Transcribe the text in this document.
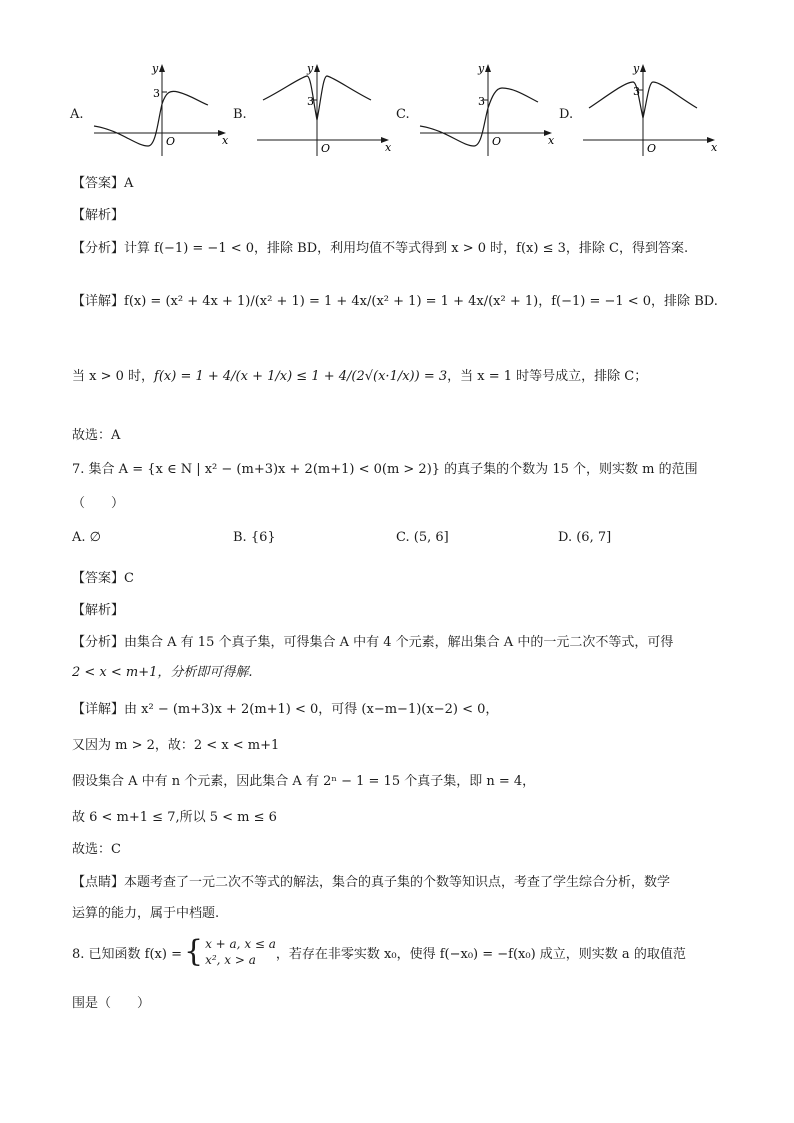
A.	B.	C.	D.
y
x
O
3
y
x
O
3
y
x
O
3
y
x
O
3
【答案】A
【解析】
【分析】计算 f(−1) = −1 < 0，排除 BD，利用均值不等式得到 x > 0 时，f(x) ≤ 3，排除 C，得到答案.
【详解】f(x) = (x² + 4x + 1)/(x² + 1) = 1 + 4x/(x² + 1) = 1 + 4x/(x² + 1)，f(−1) = −1 < 0，排除 BD.
当 x > 0 时，f(x) = 1 + 4/(x + 1/x) ≤ 1 + 4/(2√(x·1/x)) = 3，当 x = 1 时等号成立，排除 C；
故选：A
7. 集合 A = {x ∈ N | x² − (m+3)x + 2(m+1) < 0(m > 2)} 的真子集的个数为 15 个，则实数 m 的范围
（　　）
A. ∅	B. {6}	C. (5, 6]	D. (6, 7]
【答案】C
【解析】
【分析】由集合 A 有 15 个真子集，可得集合 A 中有 4 个元素，解出集合 A 中的一元二次不等式，可得
2 < x < m+1，分析即可得解.
【详解】由 x² − (m+3)x + 2(m+1) < 0，可得 (x−m−1)(x−2) < 0，
又因为 m > 2，故：2 < x < m+1
假设集合 A 中有 n 个元素，因此集合 A 有 2ⁿ − 1 = 15 个真子集，即 n = 4，
故 6 < m+1 ≤ 7,所以 5 < m ≤ 6
故选：C
【点睛】本题考查了一元二次不等式的解法，集合的真子集的个数等知识点，考查了学生综合分析，数学
运算的能力，属于中档题.
8. 已知函数 f(x) = { x + a, x ≤ a
x², x > a	，若存在非零实数 x₀，使得 f(−x₀) = −f(x₀) 成立，则实数 a 的取值范
围是（　　）
